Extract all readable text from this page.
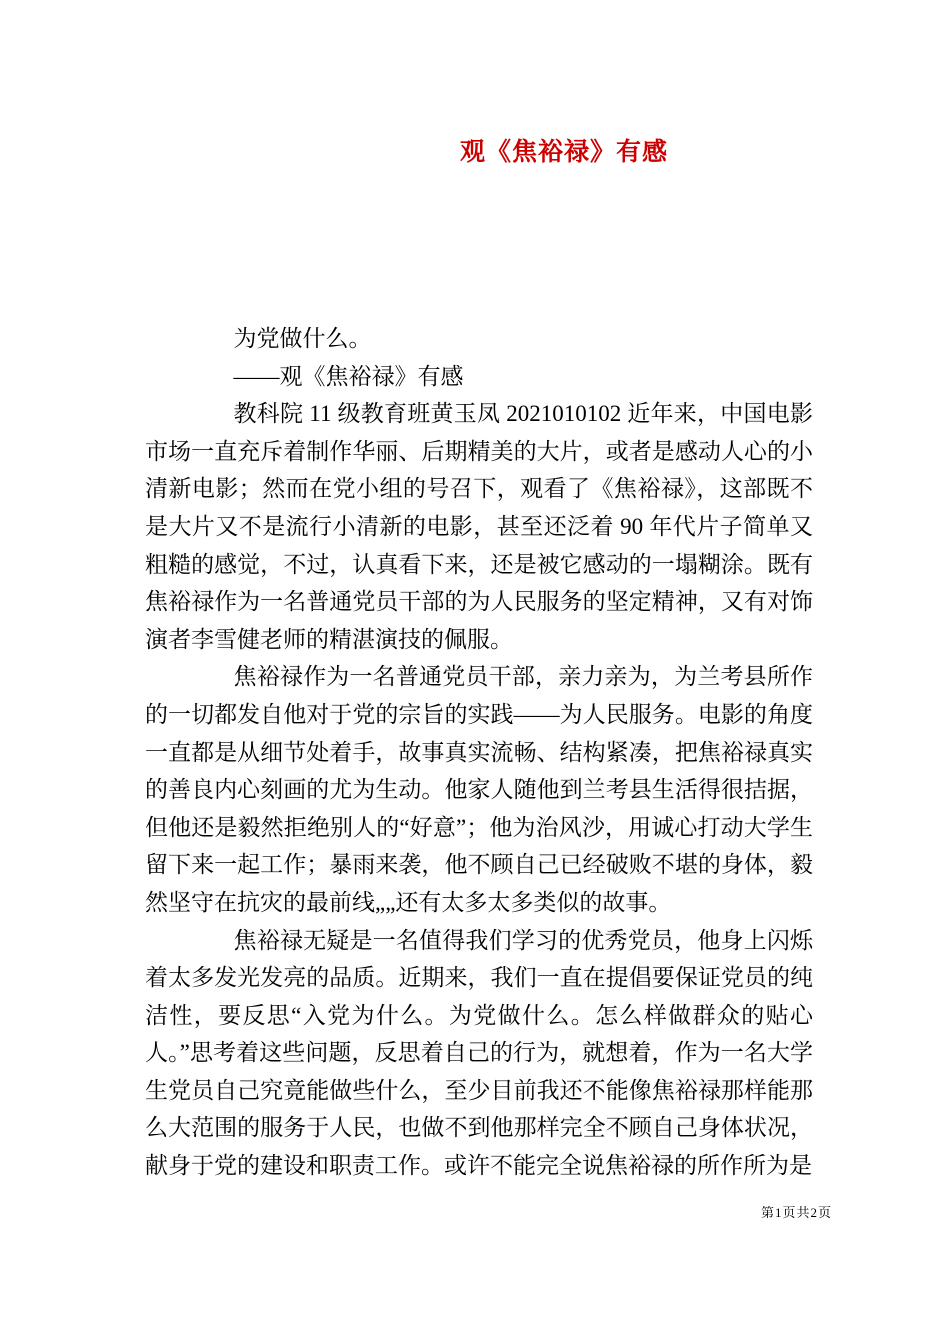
观《焦裕禄》有感

为党做什么。

——观《焦裕禄》有感

教科院 11 级教育班黄玉凤 2021010102 近年来，中国电影市场一直充斥着制作华丽、后期精美的大片，或者是感动人心的小清新电影；然而在党小组的号召下，观看了《焦裕禄》，这部既不是大片又不是流行小清新的电影，甚至还泛着 90 年代片子简单又粗糙的感觉，不过，认真看下来，还是被它感动的一塌糊涂。既有焦裕禄作为一名普通党员干部的为人民服务的坚定精神，又有对饰演者李雪健老师的精湛演技的佩服。

焦裕禄作为一名普通党员干部，亲力亲为，为兰考县所作的一切都发自他对于党的宗旨的实践——为人民服务。电影的角度一直都是从细节处着手，故事真实流畅、结构紧凑，把焦裕禄真实的善良内心刻画的尤为生动。他家人随他到兰考县生活得很拮据，但他还是毅然拒绝别人的“好意”；他为治风沙，用诚心打动大学生留下来一起工作；暴雨来袭，他不顾自己已经破败不堪的身体，毅然坚守在抗灾的最前线„„还有太多太多类似的故事。

焦裕禄无疑是一名值得我们学习的优秀党员，他身上闪烁着太多发光发亮的品质。近期来，我们一直在提倡要保证党员的纯洁性，要反思“入党为什么。为党做什么。怎么样做群众的贴心人。”思考着这些问题，反思着自己的行为，就想着，作为一名大学生党员自己究竟能做些什么，至少目前我还不能像焦裕禄那样能那么大范围的服务于人民，也做不到他那样完全不顾自己身体状况，献身于党的建设和职责工作。或许不能完全说焦裕禄的所作所为是

第1页共2页
